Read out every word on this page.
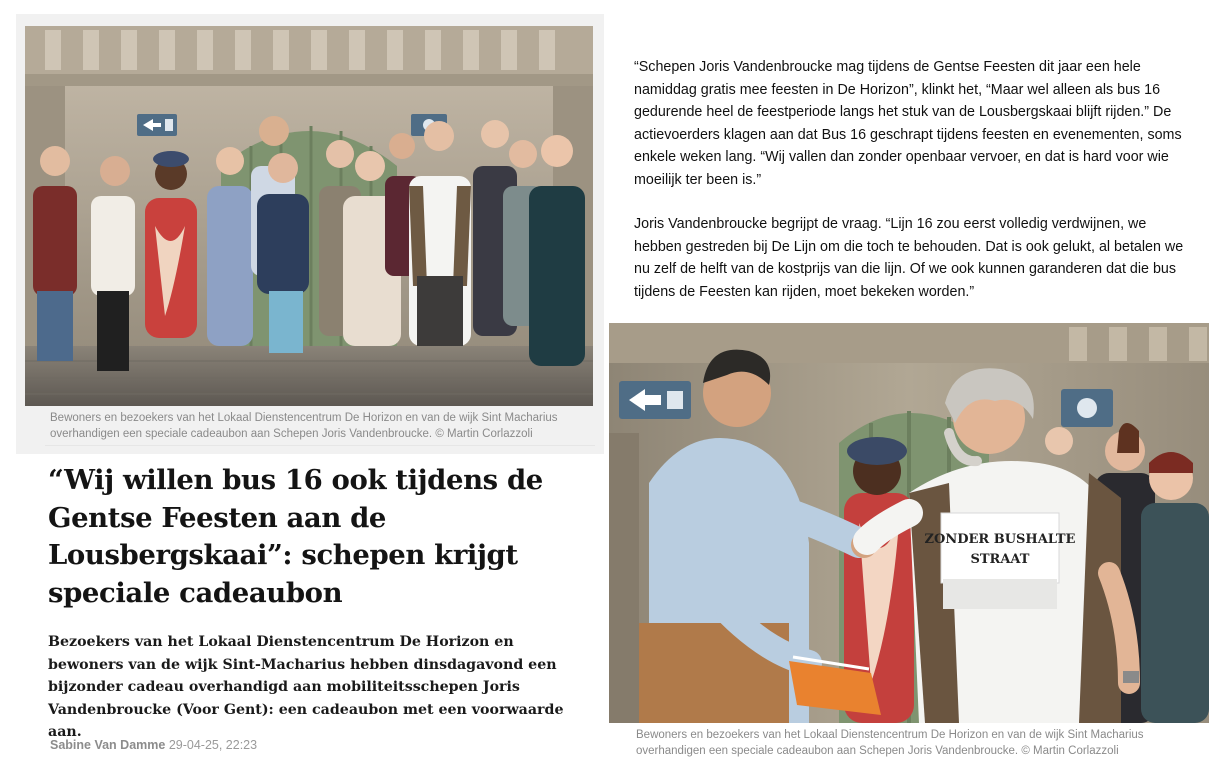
Bewoners en bezoekers van het Lokaal Dienstencentrum De Horizon en van de wijk Sint Macharius overhandigen een speciale cadeaubon aan Schepen Joris Vandenbroucke. © Martin Corlazzoli
“Wij willen bus 16 ook tijdens de Gentse Feesten aan de Lousbergskaai”: schepen krijgt speciale cadeaubon

Bezoekers van het Lokaal Dienstencentrum De Horizon en bewoners van de wijk Sint-Macharius hebben dinsdagavond een bijzonder cadeau overhandigd aan mobiliteitsschepen Joris Vandenbroucke (Voor Gent): een cadeaubon met een voorwaarde aan.

Sabine Van Damme 29-04-25, 22:23

“Schepen Joris Vandenbroucke mag tijdens de Gentse Feesten dit jaar een hele namiddag gratis mee feesten in De Horizon”, klinkt het, “Maar wel alleen als bus 16 gedurende heel de feestperiode langs het stuk van de Lousbergskaai blijft rijden.” De actievoerders klagen aan dat Bus 16 geschrapt tijdens feesten en evenementen, soms enkele weken lang. “Wij vallen dan zonder openbaar vervoer, en dat is hard voor wie moeilijk ter been is.”

Joris Vandenbroucke begrijpt de vraag. “Lijn 16 zou eerst volledig verdwijnen, we hebben gestreden bij De Lijn om die toch te behouden. Dat is ook gelukt, al betalen we nu zelf de helft van de kostprijs van die lijn. Of we ook kunnen garanderen dat die bus tijdens de Feesten kan rijden, moet bekeken worden.”

ZONDER BUSHALTE
STRAAT
Bewoners en bezoekers van het Lokaal Dienstencentrum De Horizon en van de wijk Sint Macharius overhandigen een speciale cadeaubon aan Schepen Joris Vandenbroucke. © Martin Corlazzoli
